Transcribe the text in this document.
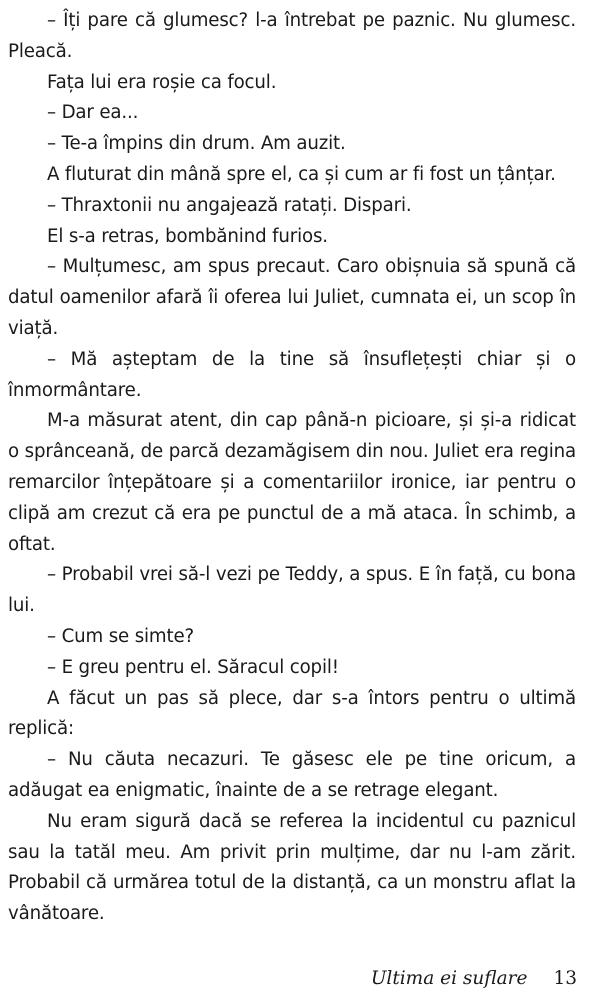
– Îți pare că glumesc? l-a întrebat pe paznic. Nu glumesc. Pleacă.

Fața lui era roșie ca focul.

– Dar ea...

– Te-a împins din drum. Am auzit.

A fluturat din mână spre el, ca și cum ar fi fost un țânțar.

– Thraxtonii nu angajează ratați. Dispari.

El s-a retras, bombănind furios.

– Mulțumesc, am spus precaut. Caro obișnuia să spună că datul oamenilor afară îi oferea lui Juliet, cumnata ei, un scop în viață.

– Mă așteptam de la tine să însuflețești chiar și o înmormântare.

M-a măsurat atent, din cap până-n picioare, și și-a ridicat o sprânceană, de parcă dezamăgisem din nou. Juliet era regina remarcilor înțepătoare și a comentariilor ironice, iar pentru o clipă am crezut că era pe punctul de a mă ataca. În schimb, a oftat.

– Probabil vrei să-l vezi pe Teddy, a spus. E în față, cu bona lui.

– Cum se simte?

– E greu pentru el. Săracul copil!

A făcut un pas să plece, dar s-a întors pentru o ultimă replică:

– Nu căuta necazuri. Te găsesc ele pe tine oricum, a adăugat ea enigmatic, înainte de a se retrage elegant.

Nu eram sigură dacă se referea la incidentul cu paznicul sau la tatăl meu. Am privit prin mulțime, dar nu l-am zărit. Probabil că urmărea totul de la distanță, ca un monstru aflat la vânătoare.

Ultima ei suflare 13
